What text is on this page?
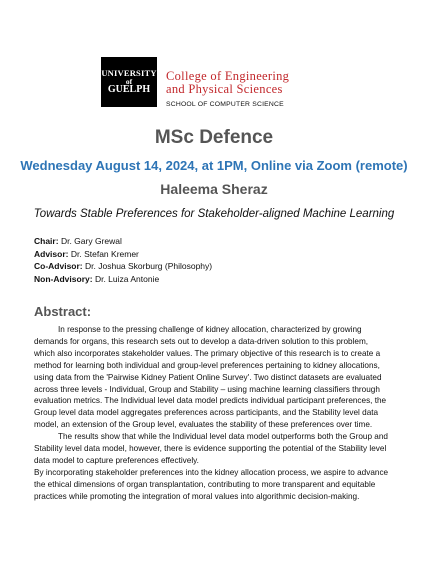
UNIVERSITY
of
GUELPH
College of Engineering
and Physical Sciences
SCHOOL OF COMPUTER SCIENCE
MSc Defence
Wednesday August 14, 2024, at 1PM, Online via Zoom (remote)
Haleema Sheraz
Towards Stable Preferences for Stakeholder-aligned Machine Learning
Chair: Dr. Gary Grewal
Advisor: Dr. Stefan Kremer
Co-Advisor: Dr. Joshua Skorburg (Philosophy)
Non-Advisory: Dr. Luiza Antonie
Abstract:

In response to the pressing challenge of kidney allocation, characterized by growing demands for organs, this research sets out to develop a data-driven solution to this problem, which also incorporates stakeholder values. The primary objective of this research is to create a method for learning both individual and group-level preferences pertaining to kidney allocations, using data from the 'Pairwise Kidney Patient Online Survey'. Two distinct datasets are evaluated across three levels - Individual, Group and Stability – using machine learning classifiers through evaluation metrics. The Individual level data model predicts individual participant preferences, the Group level data model aggregates preferences across participants, and the Stability level data model, an extension of the Group level, evaluates the stability of these preferences over time.

The results show that while the Individual level data model outperforms both the Group and Stability level data model, however, there is evidence supporting the potential of the Stability level data model to capture preferences effectively.

By incorporating stakeholder preferences into the kidney allocation process, we aspire to advance the ethical dimensions of organ transplantation, contributing to more transparent and equitable practices while promoting the integration of moral values into algorithmic decision-making.
